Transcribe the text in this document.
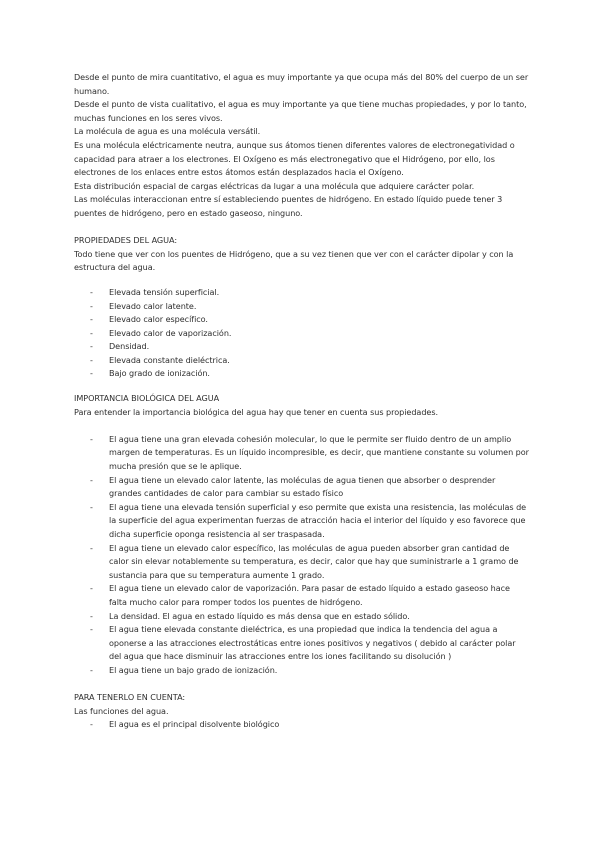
Desde el punto de mira cuantitativo, el agua es muy importante ya que ocupa más del 80% del cuerpo de un ser
humano.
Desde el punto de vista cualitativo, el agua es muy importante ya que tiene muchas propiedades, y por lo tanto,
muchas funciones en los seres vivos.
La molécula de agua es una molécula versátil.
Es una molécula eléctricamente neutra, aunque sus átomos tienen diferentes valores de electronegatividad o
capacidad para atraer a los electrones. El Oxígeno es más electronegativo que el Hidrógeno, por ello, los
electrones de los enlaces entre estos átomos están desplazados hacia el Oxígeno.
Esta distribución espacial de cargas eléctricas da lugar a una molécula que adquiere carácter polar.
Las moléculas interaccionan entre sí estableciendo puentes de hidrógeno. En estado líquido puede tener 3
puentes de hidrógeno, pero en estado gaseoso, ninguno.
PROPIEDADES DEL AGUA:
Todo tiene que ver con los puentes de Hidrógeno, que a su vez tienen que ver con el carácter dipolar y con la
estructura del agua.
- Elevada tensión superficial.
- Elevado calor latente.
- Elevado calor específico.
- Elevado calor de vaporización.
- Densidad.
- Elevada constante dieléctrica.
- Bajo grado de ionización.
IMPORTANCIA BIOLÓGICA DEL AGUA
Para entender la importancia biológica del agua hay que tener en cuenta sus propiedades.
- El agua tiene una gran elevada cohesión molecular, lo que le permite ser fluido dentro de un amplio
margen de temperaturas. Es un líquido incompresible, es decir, que mantiene constante su volumen por
mucha presión que se le aplique.
- El agua tiene un elevado calor latente, las moléculas de agua tienen que absorber o desprender
grandes cantidades de calor para cambiar su estado físico
- El agua tiene una elevada tensión superficial y eso permite que exista una resistencia, las moléculas de
la superficie del agua experimentan fuerzas de atracción hacia el interior del líquido y eso favorece que
dicha superficie oponga resistencia al ser traspasada.
- El agua tiene un elevado calor específico, las moléculas de agua pueden absorber gran cantidad de
calor sin elevar notablemente su temperatura, es decir, calor que hay que suministrarle a 1 gramo de
sustancia para que su temperatura aumente 1 grado.
- El agua tiene un elevado calor de vaporización. Para pasar de estado líquido a estado gaseoso hace
falta mucho calor para romper todos los puentes de hidrógeno.
- La densidad. El agua en estado líquido es más densa que en estado sólido.
- El agua tiene elevada constante dieléctrica, es una propiedad que indica la tendencia del agua a
oponerse a las atracciones electrostáticas entre iones positivos y negativos ( debido al carácter polar
del agua que hace disminuir las atracciones entre los iones facilitando su disolución )
- El agua tiene un bajo grado de ionización.
PARA TENERLO EN CUENTA:
Las funciones del agua.
- El agua es el principal disolvente biológico
